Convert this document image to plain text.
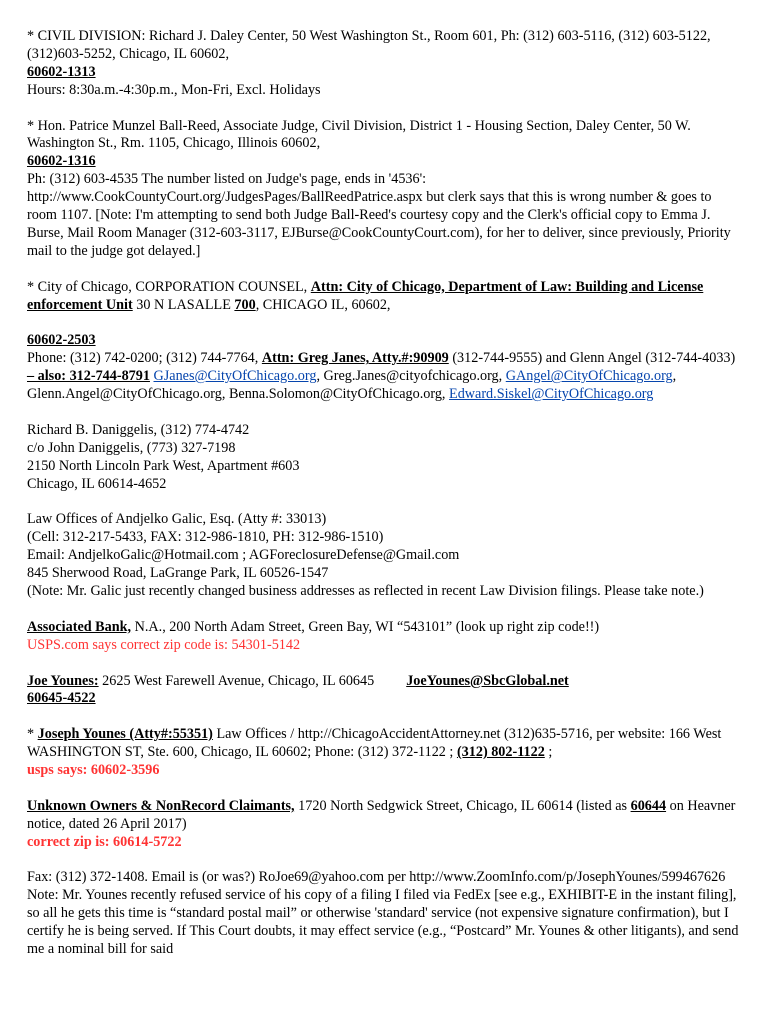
* CIVIL DIVISION: Richard J. Daley Center, 50 West Washington St., Room 601, Ph: (312) 603-5116, (312) 603-5122, (312)603-5252, Chicago, IL 60602,
60602-1313
Hours: 8:30a.m.-4:30p.m., Mon-Fri, Excl. Holidays

* Hon. Patrice Munzel Ball-Reed, Associate Judge, Civil Division, District 1 - Housing Section, Daley Center, 50 W. Washington St., Rm. 1105, Chicago, Illinois 60602,
60602-1316
Ph: (312) 603-4535 The number listed on Judge's page, ends in '4536': http://www.CookCountyCourt.org/JudgesPages/BallReedPatrice.aspx but clerk says that this is wrong number & goes to room 1107. [Note: I'm attempting to send both Judge Ball-Reed's courtesy copy and the Clerk's official copy to Emma J. Burse, Mail Room Manager (312-603-3117, EJBurse@CookCountyCourt.com), for her to deliver, since previously, Priority mail to the judge got delayed.]

* City of Chicago, CORPORATION COUNSEL, Attn: City of Chicago, Department of Law: Building and License enforcement Unit 30 N LASALLE 700, CHICAGO IL, 60602,

60602-2503
Phone: (312) 742-0200; (312) 744-7764, Attn: Greg Janes, Atty.#:90909 (312-744-9555) and Glenn Angel (312-744-4033) – also: 312-744-8791 GJanes@CityOfChicago.org, Greg.Janes@cityofchicago.org, GAngel@CityOfChicago.org, Glenn.Angel@CityOfChicago.org, Benna.Solomon@CityOfChicago.org, Edward.Siskel@CityOfChicago.org

Richard B. Daniggelis, (312) 774-4742
c/o John Daniggelis, (773) 327-7198
2150 North Lincoln Park West, Apartment #603
Chicago, IL 60614-4652

Law Offices of Andjelko Galic, Esq. (Atty #: 33013)
(Cell: 312-217-5433, FAX: 312-986-1810, PH: 312-986-1510)
Email: AndjelkoGalic@Hotmail.com ; AGForeclosureDefense@Gmail.com
845 Sherwood Road, LaGrange Park, IL 60526-1547
(Note: Mr. Galic just recently changed business addresses as reflected in recent Law Division filings. Please take note.)

Associated Bank, N.A., 200 North Adam Street, Green Bay, WI “543101” (look up right zip code!!)
USPS.com says correct zip code is: 54301-5142

Joe Younes: 2625 West Farewell Avenue, Chicago, IL 60645 JoeYounes@SbcGlobal.net
60645-4522

* Joseph Younes (Atty#:55351) Law Offices / http://ChicagoAccidentAttorney.net (312)635-5716, per website: 166 West WASHINGTON ST, Ste. 600, Chicago, IL 60602; Phone: (312) 372-1122 ; (312) 802-1122 ;
usps says: 60602-3596

Unknown Owners & NonRecord Claimants, 1720 North Sedgwick Street, Chicago, IL 60614 (listed as 60644 on Heavner notice, dated 26 April 2017)
correct zip is: 60614-5722

Fax: (312) 372-1408. Email is (or was?) RoJoe69@yahoo.com per http://www.ZoomInfo.com/p/JosephYounes/599467626 Note: Mr. Younes recently refused service of his copy of a filing I filed via FedEx [see e.g., EXHIBIT-E in the instant filing], so all he gets this time is “standard postal mail” or otherwise 'standard' service (not expensive signature confirmation), but I certify he is being served. If This Court doubts, it may effect service (e.g., “Postcard” Mr. Younes & other litigants), and send me a nominal bill for said
